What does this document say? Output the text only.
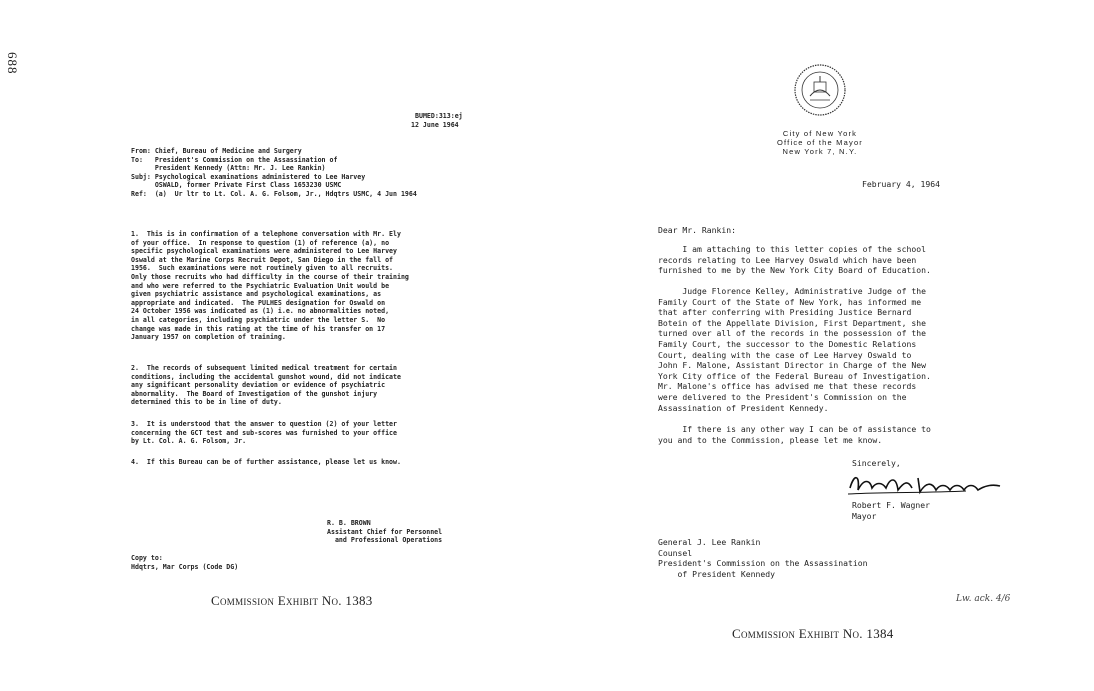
688
BUMED:313:ej
12 June 1964
From: Chief, Bureau of Medicine and Surgery
To:   President's Commission on the Assassination of
President Kennedy (Attn: Mr. J. Lee Rankin)
Subj: Psychological examinations administered to Lee Harvey
OSWALD, former Private First Class 1653230 USMC
Ref:  (a)  Ur ltr to Lt. Col. A. G. Folsom, Jr., Hdqtrs USMC, 4 Jun 1964
1.  This is in confirmation of a telephone conversation with Mr. Ely
of your office.  In response to question (1) of reference (a), no
specific psychological examinations were administered to Lee Harvey
Oswald at the Marine Corps Recruit Depot, San Diego in the fall of
1956.  Such examinations were not routinely given to all recruits.
Only those recruits who had difficulty in the course of their training
and who were referred to the Psychiatric Evaluation Unit would be
given psychiatric assistance and psychological examinations, as
appropriate and indicated.  The PULHES designation for Oswald on
24 October 1956 was indicated as (1) i.e. no abnormalities noted,
in all categories, including psychiatric under the letter S.  No
change was made in this rating at the time of his transfer on 17
January 1957 on completion of training.
2.  The records of subsequent limited medical treatment for certain
conditions, including the accidental gunshot wound, did not indicate
any significant personality deviation or evidence of psychiatric
abnormality.  The Board of Investigation of the gunshot injury
determined this to be in line of duty.
3.  It is understood that the answer to question (2) of your letter
concerning the GCT test and sub-scores was furnished to your office
by Lt. Col. A. G. Folsom, Jr.
4.  If this Bureau can be of further assistance, please let us know.
R. B. BROWN
Assistant Chief for Personnel
and Professional Operations
Copy to:
Hdqtrs, Mar Corps (Code DG)
Commission Exhibit No. 1383
City of New York
Office of the Mayor
New York 7, N.Y.
February 4, 1964
Dear Mr. Rankin:
I am attaching to this letter copies of the school
records relating to Lee Harvey Oswald which have been
furnished to me by the New York City Board of Education.
Judge Florence Kelley, Administrative Judge of the
Family Court of the State of New York, has informed me
that after conferring with Presiding Justice Bernard
Botein of the Appellate Division, First Department, she
turned over all of the records in the possession of the
Family Court, the successor to the Domestic Relations
Court, dealing with the case of Lee Harvey Oswald to
John F. Malone, Assistant Director in Charge of the New
York City office of the Federal Bureau of Investigation.
Mr. Malone's office has advised me that these records
were delivered to the President's Commission on the
Assassination of President Kennedy.
If there is any other way I can be of assistance to
you and to the Commission, please let me know.
Sincerely,
Robert F. Wagner
Mayor
General J. Lee Rankin
Counsel
President's Commission on the Assassination
of President Kennedy
Lw. ack. 4/6
Commission Exhibit No. 1384
